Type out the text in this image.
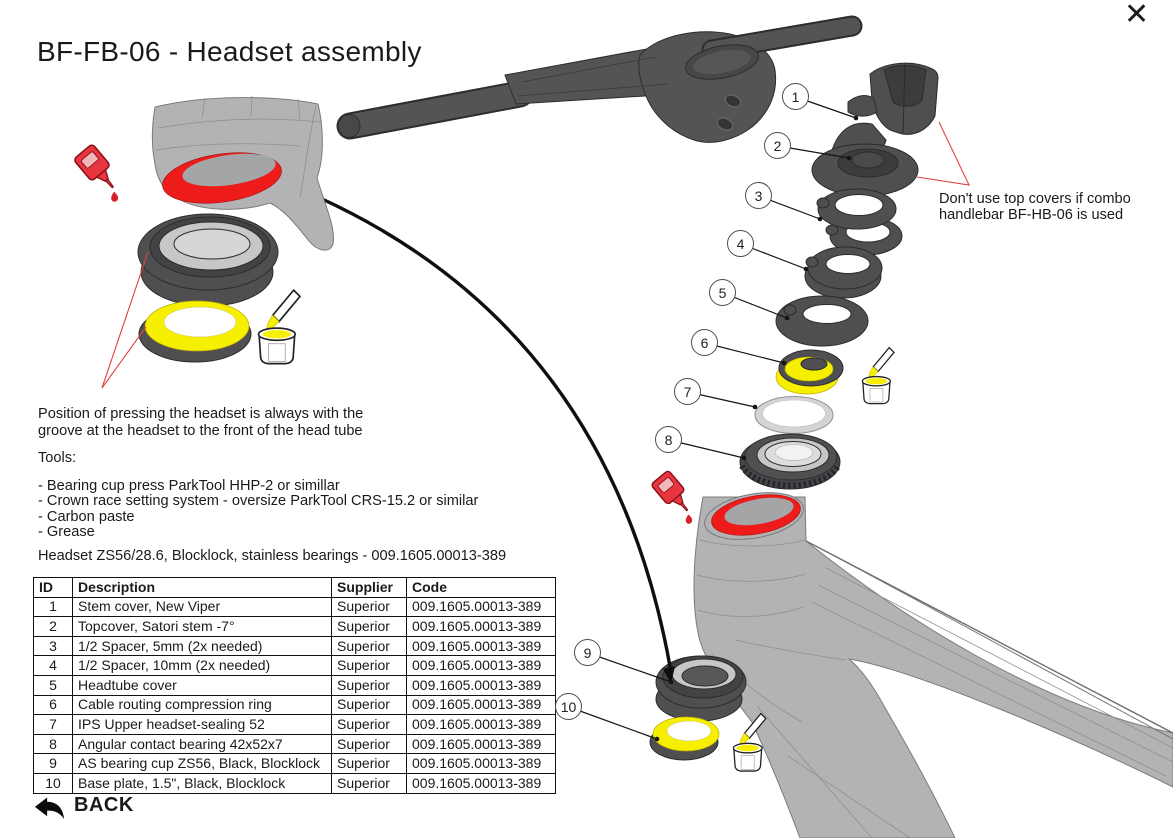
BF-FB-06 - Headset assembly
✕
Position of pressing the headset is always with the
groove at the headset to the front of the head tube
Tools:
- Bearing cup press ParkTool HHP-2 or simillar
- Crown race setting system - oversize ParkTool CRS-15.2 or similar
- Carbon paste
- Grease
Headset ZS56/28.6, Blocklock, stainless bearings - 009.1605.00013-389
Don't use top covers if combo
handlebar BF-HB-06 is used
ID	Description	Supplier	Code
1	Stem cover, New Viper	Superior	009.1605.00013-389
2	Topcover, Satori stem -7°	Superior	009.1605.00013-389
3	1/2 Spacer, 5mm (2x needed)	Superior	009.1605.00013-389
4	1/2 Spacer, 10mm (2x needed)	Superior	009.1605.00013-389
5	Headtube cover	Superior	009.1605.00013-389
6	Cable routing compression ring	Superior	009.1605.00013-389
7	IPS Upper headset-sealing 52	Superior	009.1605.00013-389
8	Angular contact bearing 42x52x7	Superior	009.1605.00013-389
9	AS bearing cup ZS56, Black, Blocklock	Superior	009.1605.00013-389
10	Base plate, 1.5", Black, Blocklock	Superior	009.1605.00013-389
1
2
3
4
5
6
7
8
9
10
BACK
